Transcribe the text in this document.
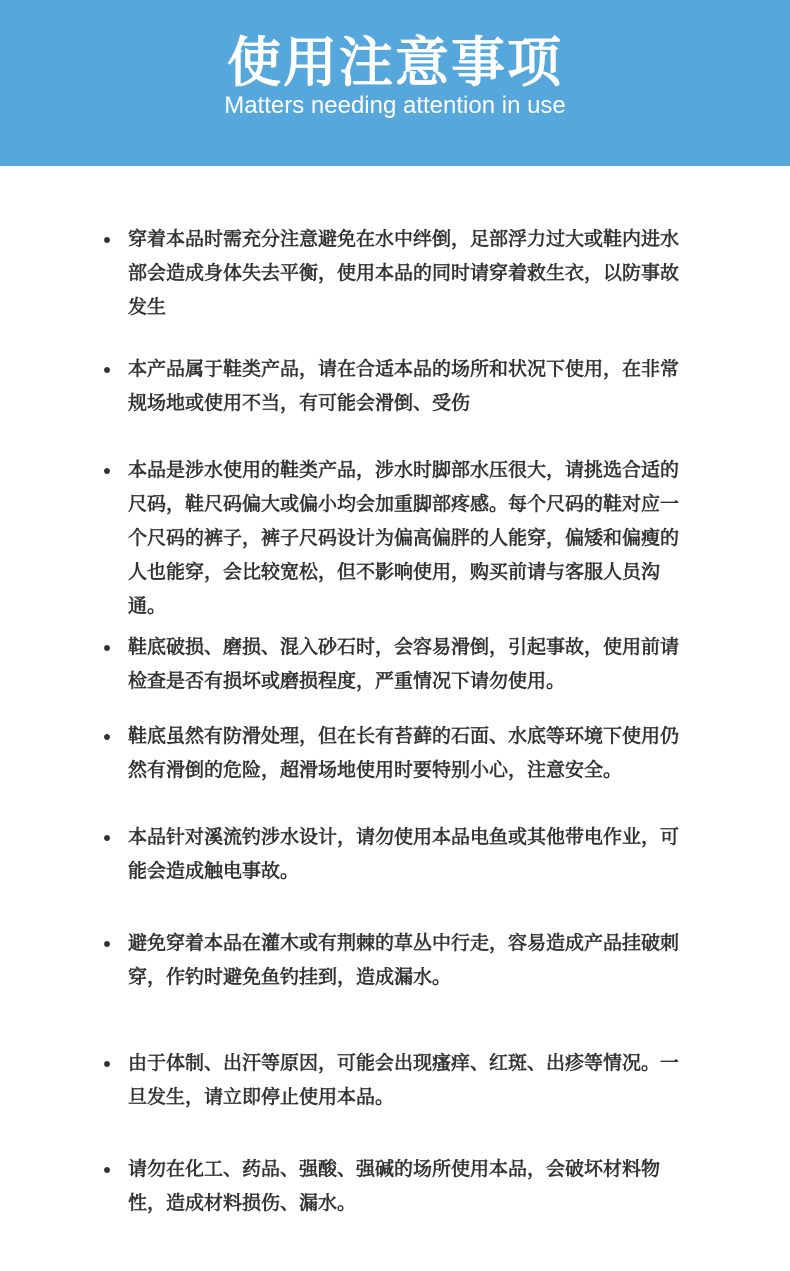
使用注意事项
Matters needing attention in use
穿着本品时需充分注意避免在水中绊倒，足部浮力过大或鞋内进水部会造成身体失去平衡，使用本品的同时请穿着救生衣，以防事故发生
本产品属于鞋类产品，请在合适本品的场所和状况下使用，在非常规场地或使用不当，有可能会滑倒、受伤
本品是涉水使用的鞋类产品，涉水时脚部水压很大，请挑选合适的尺码，鞋尺码偏大或偏小均会加重脚部疼感。每个尺码的鞋对应一个尺码的裤子，裤子尺码设计为偏高偏胖的人能穿，偏矮和偏瘦的人也能穿，会比较宽松，但不影响使用，购买前请与客服人员沟通。
鞋底破损、磨损、混入砂石时，会容易滑倒，引起事故，使用前请检查是否有损坏或磨损程度，严重情况下请勿使用。
鞋底虽然有防滑处理，但在长有苔藓的石面、水底等环境下使用仍然有滑倒的危险，超滑场地使用时要特别小心，注意安全。
本品针对溪流钓涉水设计，请勿使用本品电鱼或其他带电作业，可能会造成触电事故。
避免穿着本品在灌木或有荆棘的草丛中行走，容易造成产品挂破刺穿，作钓时避免鱼钓挂到，造成漏水。
由于体制、出汗等原因，可能会出现瘙痒、红斑、出疹等情况。一旦发生，请立即停止使用本品。
请勿在化工、药品、强酸、强碱的场所使用本品，会破坏材料物性，造成材料损伤、漏水。
